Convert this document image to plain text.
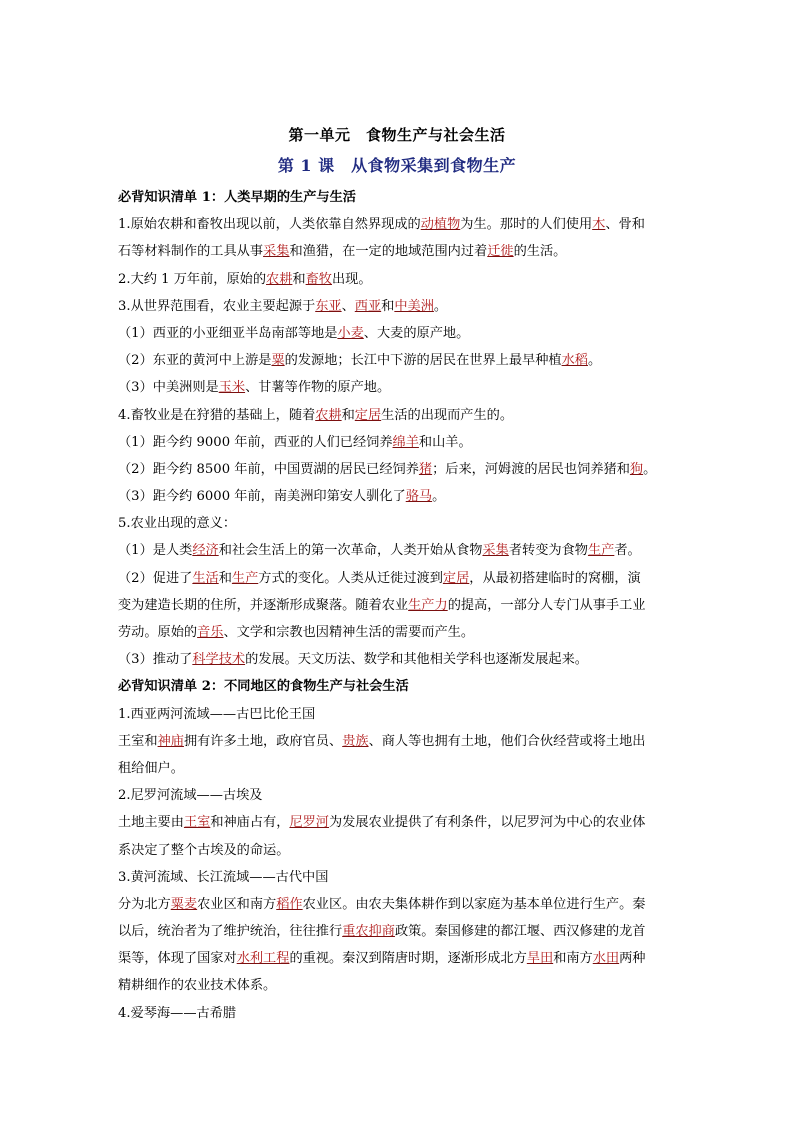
第一单元　食物生产与社会生活
第 1 课　从食物采集到食物生产
必背知识清单 1：人类早期的生产与生活
1.原始农耕和畜牧出现以前，人类依靠自然界现成的动植物为生。那时的人们使用木、骨和
石等材料制作的工具从事采集和渔猎，在一定的地域范围内过着迁徙的生活。
2.大约 1 万年前，原始的农耕和畜牧出现。
3.从世界范围看，农业主要起源于东亚、西亚和中美洲。
（1）西亚的小亚细亚半岛南部等地是小麦、大麦的原产地。
（2）东亚的黄河中上游是粟的发源地；长江中下游的居民在世界上最早种植水稻。
（3）中美洲则是玉米、甘薯等作物的原产地。
4.畜牧业是在狩猎的基础上，随着农耕和定居生活的出现而产生的。
（1）距今约 9000 年前，西亚的人们已经饲养绵羊和山羊。
（2）距今约 8500 年前，中国贾湖的居民已经饲养猪；后来，河姆渡的居民也饲养猪和狗。
（3）距今约 6000 年前，南美洲印第安人驯化了骆马。
5.农业出现的意义：
（1）是人类经济和社会生活上的第一次革命，人类开始从食物采集者转变为食物生产者。
（2）促进了生活和生产方式的变化。人类从迁徙过渡到定居，从最初搭建临时的窝棚，演
变为建造长期的住所，并逐渐形成聚落。随着农业生产力的提高，一部分人专门从事手工业
劳动。原始的音乐、文学和宗教也因精神生活的需要而产生。
（3）推动了科学技术的发展。天文历法、数学和其他相关学科也逐渐发展起来。
必背知识清单 2：不同地区的食物生产与社会生活
1.西亚两河流域——古巴比伦王国
王室和神庙拥有许多土地，政府官员、贵族、商人等也拥有土地，他们合伙经营或将土地出
租给佃户。
2.尼罗河流域——古埃及
土地主要由王室和神庙占有，尼罗河为发展农业提供了有利条件，以尼罗河为中心的农业体
系决定了整个古埃及的命运。
3.黄河流域、长江流域——古代中国
分为北方粟麦农业区和南方稻作农业区。由农夫集体耕作到以家庭为基本单位进行生产。秦
以后，统治者为了维护统治，往往推行重农抑商政策。秦国修建的都江堰、西汉修建的龙首
渠等，体现了国家对水利工程的重视。秦汉到隋唐时期，逐渐形成北方旱田和南方水田两种
精耕细作的农业技术体系。
4.爱琴海——古希腊
